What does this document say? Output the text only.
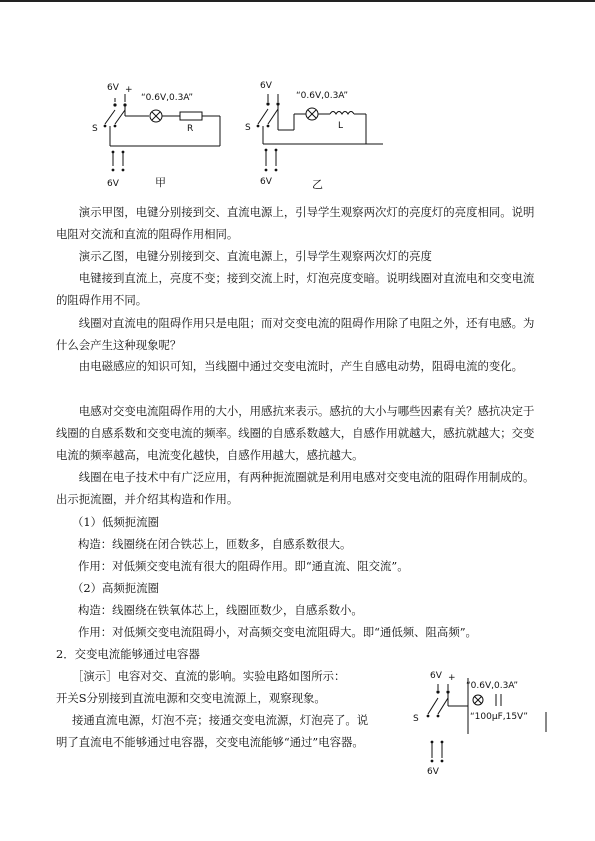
6V +
S
“0.6V,0.3A”
R
6V	甲
6V
S
“0.6V,0.3A”
L
6V	乙

演示甲图，电键分别接到交、直流电源上，引导学生观察两次灯的亮度灯的亮度相同。说明电阻对交流和直流的阻碍作用相同。

演示乙图，电键分别接到交、直流电源上，引导学生观察两次灯的亮度

电键接到直流上，亮度不变；接到交流上时，灯泡亮度变暗。说明线圈对直流电和交变电流的阻碍作用不同。

线圈对直流电的阻碍作用只是电阻；而对交变电流的阻碍作用除了电阻之外，还有电感。为什么会产生这种现象呢？

由电磁感应的知识可知，当线圈中通过交变电流时，产生自感电动势，阻碍电流的变化。

电感对交变电流阻碍作用的大小，用感抗来表示。感抗的大小与哪些因素有关？感抗决定于线圈的自感系数和交变电流的频率。线圈的自感系数越大，自感作用就越大，感抗就越大；交变电流的频率越高，电流变化越快，自感作用越大，感抗越大。

线圈在电子技术中有广泛应用，有两种扼流圈就是利用电感对交变电流的阻碍作用制成的。出示扼流圈，并介绍其构造和作用。

（1）低频扼流圈

构造：线圈绕在闭合铁芯上，匝数多，自感系数很大。

作用：对低频交变电流有很大的阻碍作用。即“通直流、阻交流”。

（2）高频扼流圈

构造：线圈绕在铁氧体芯上，线圈匝数少，自感系数小。

作用：对低频交变电流阻碍小，对高频交变电流阻碍大。即“通低频、阻高频”。

2．交变电流能够通过电容器

［演示］电容对交、直流的影响。实验电路如图所示：

开关S分别接到直流电源和交变电流源上，观察现象。

接通直流电源，灯泡不亮；接通交变电流源，灯泡亮了。说

明了直流电不能够通过电容器，交变电流能够“通过”电容器。

6V +
S
“0.6V,0.3A”
“100μF,15V”
6V
